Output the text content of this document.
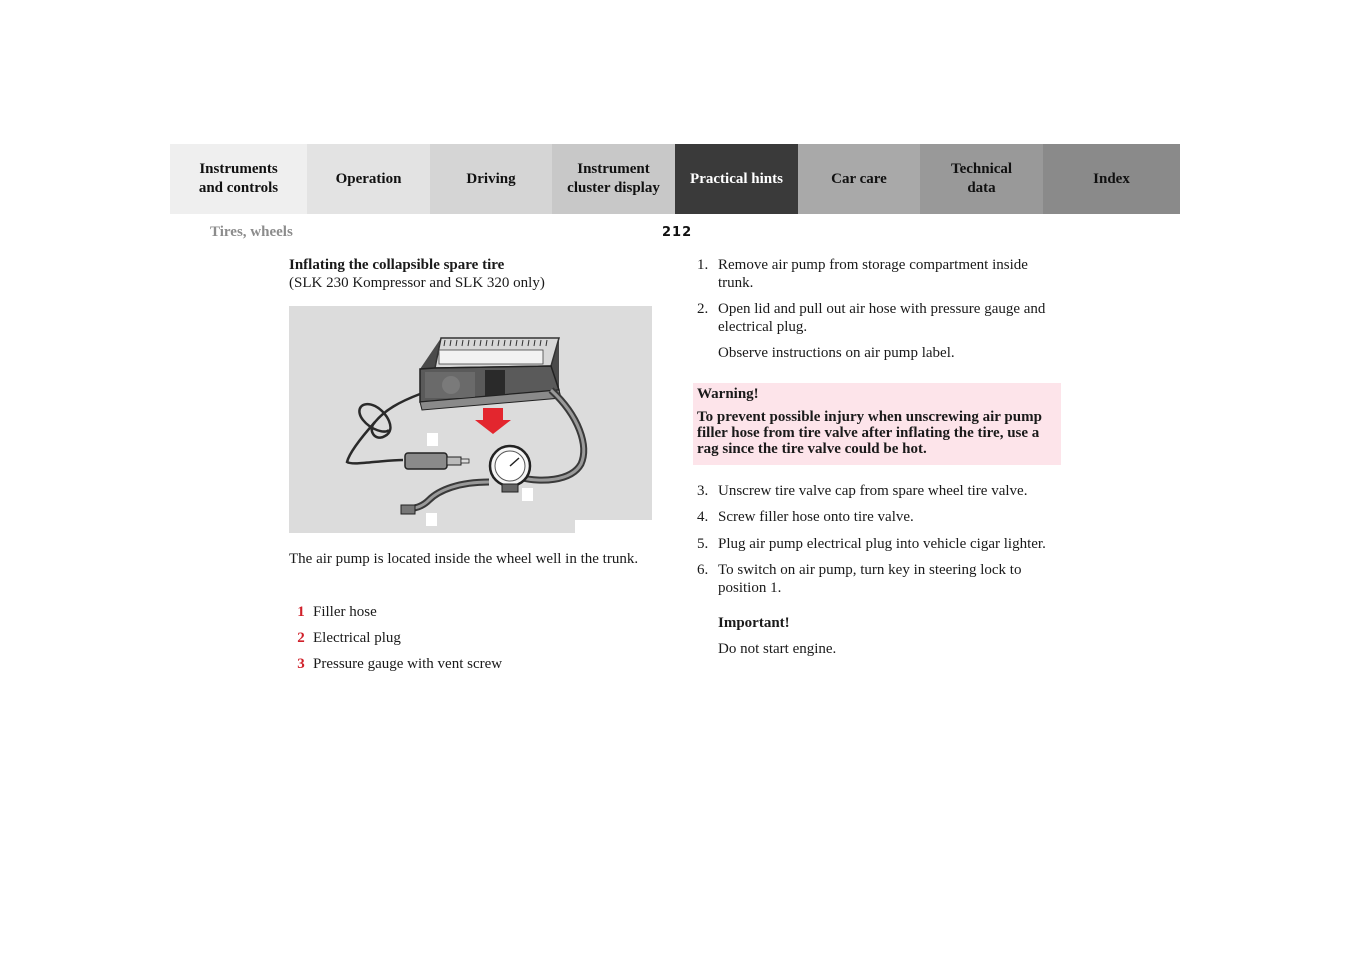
Instruments
and controls
Operation	Driving
Instrument
cluster display
Practical hints	Car care
Technical
data
Index
Tires, wheels	212
Inflating the collapsible spare tire
(SLK 230 Kompressor and SLK 320 only)
The air pump is located inside the wheel well in the trunk.
1 Filler hose
2 Electrical plug
3 Pressure gauge with vent screw
1. Remove air pump from storage compartment inside trunk.
2. Open lid and pull out air hose with pressure gauge and electrical plug.
Observe instructions on air pump label.
Warning!
To prevent possible injury when unscrewing air pump filler hose from tire valve after inflating the tire, use a rag since the tire valve could be hot.
3. Unscrew tire valve cap from spare wheel tire valve.
4. Screw filler hose onto tire valve.
5. Plug air pump electrical plug into vehicle cigar lighter.
6. To switch on air pump, turn key in steering lock to position 1.
Important!
Do not start engine.
